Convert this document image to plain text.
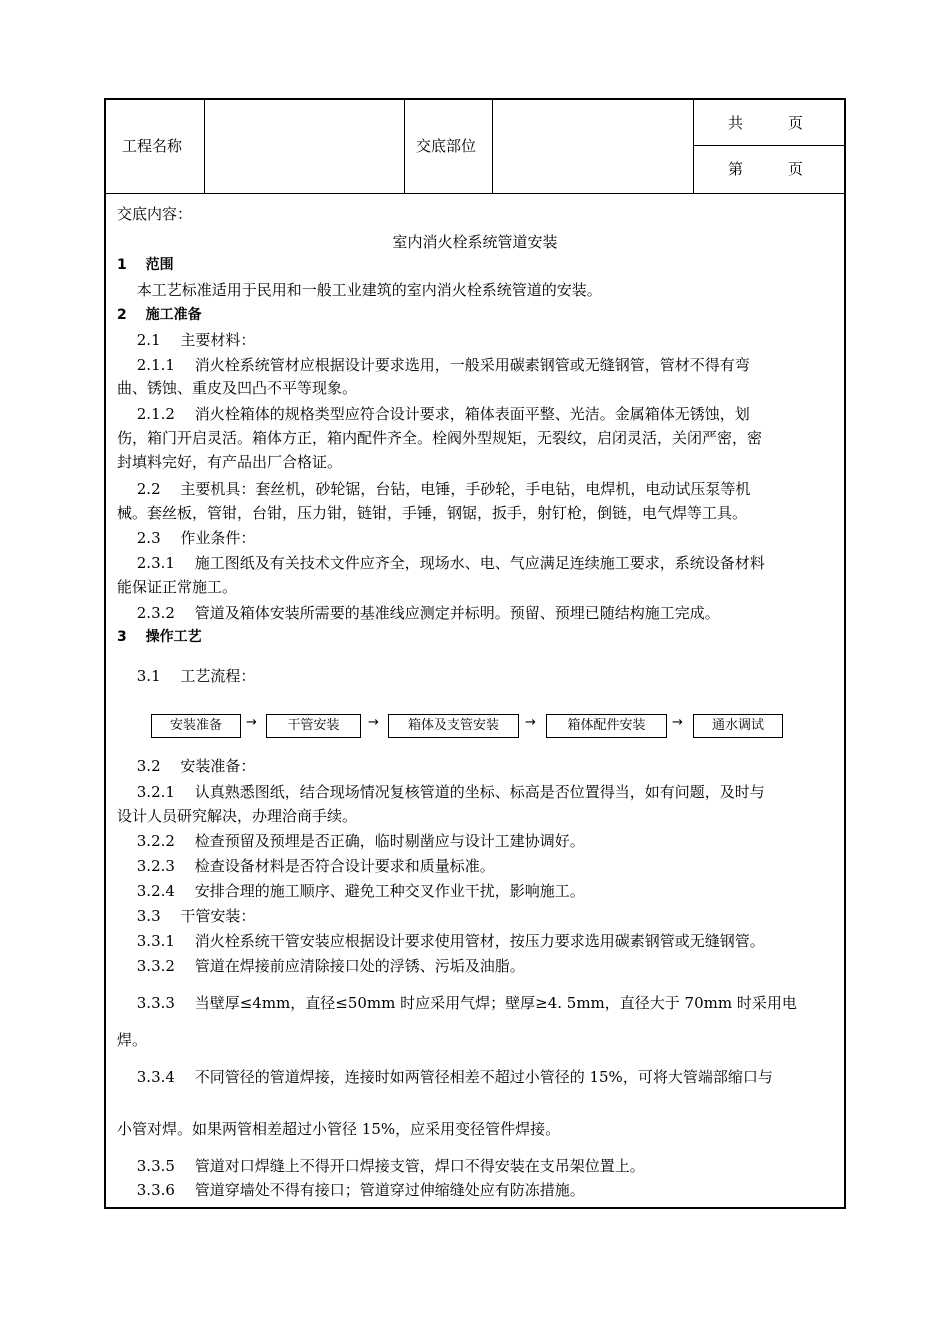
工程名称	交底部位
共　　　页
第　　　页
交底内容：
室内消火栓系统管道安装
1　 范围
　 本工艺标准适用于民用和一般工业建筑的室内消火栓系统管道的安装。
2　 施工准备
　 2.1　 主要材料：
　 2.1.1　 消火栓系统管材应根据设计要求选用，一般采用碳素钢管或无缝钢管，管材不得有弯
曲、锈蚀、重皮及凹凸不平等现象。
　 2.1.2　 消火栓箱体的规格类型应符合设计要求，箱体表面平整、光洁。金属箱体无锈蚀，划
伤，箱门开启灵活。箱体方正，箱内配件齐全。栓阀外型规矩，无裂纹，启闭灵活，关闭严密，密
封填料完好，有产品出厂合格证。
　 2.2　 主要机具：套丝机，砂轮锯，台钻，电锤，手砂轮，手电钻，电焊机，电动试压泵等机
械。套丝板，管钳，台钳，压力钳，链钳，手锤，钢锯，扳手，射钉枪，倒链，电气焊等工具。
　 2.3　 作业条件：
　 2.3.1　 施工图纸及有关技术文件应齐全，现场水、电、气应满足连续施工要求，系统设备材料
能保证正常施工。
　 2.3.2　 管道及箱体安装所需要的基准线应测定并标明。预留、预埋已随结构施工完成。
3　 操作工艺
　 3.1　 工艺流程：
安装准备	→	干管安装	→	箱体及支管安装	→	箱体配件安装	→	通水调试
　 3.2　 安装准备：
　 3.2.1　 认真熟悉图纸，结合现场情况复核管道的坐标、标高是否位置得当，如有问题，及时与
设计人员研究解决，办理洽商手续。
　 3.2.2　 检查预留及预埋是否正确，临时剔凿应与设计工建协调好。
　 3.2.3　 检查设备材料是否符合设计要求和质量标准。
　 3.2.4　 安排合理的施工顺序、避免工种交叉作业干扰，影响施工。
　 3.3　 干管安装：
　 3.3.1　 消火栓系统干管安装应根据设计要求使用管材，按压力要求选用碳素钢管或无缝钢管。
　 3.3.2　 管道在焊接前应清除接口处的浮锈、污垢及油脂。
　 3.3.3　 当壁厚≤4mm，直径≤50mm 时应采用气焊；壁厚≥4. 5mm，直径大于 70mm 时采用电
焊。
　 3.3.4　 不同管径的管道焊接，连接时如两管径相差不超过小管径的 15%，可将大管端部缩口与
小管对焊。如果两管相差超过小管径 15%，应采用变径管件焊接。
　 3.3.5　 管道对口焊缝上不得开口焊接支管，焊口不得安装在支吊架位置上。
　 3.3.6　 管道穿墙处不得有接口；管道穿过伸缩缝处应有防冻措施。
